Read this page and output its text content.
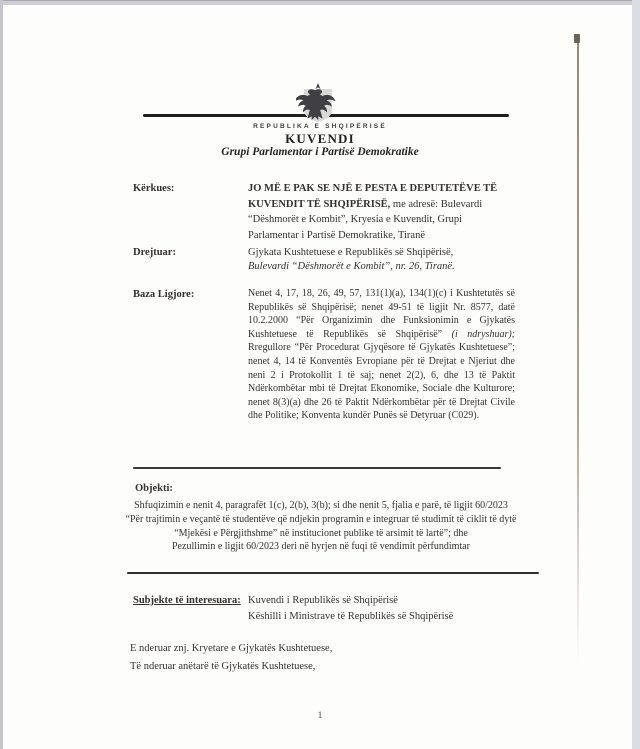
REPUBLIKA E SHQIPËRISË
KUVENDI
Grupi Parlamentar i Partisë Demokratike
Kërkues:	JO MË E PAK SE NJË E PESTA E DEPUTETËVE TË KUVENDIT TË SHQIPËRISË, me adresë: Bulevardi “Dëshmorët e Kombit”, Kryesia e Kuvendit, Grupi Parlamentar i Partisë Demokratike, Tiranë
Drejtuar:	Gjykata Kushtetuese e Republikës së Shqipërisë,
Bulevardi “Dëshmorët e Kombit”, nr. 26, Tiranë.
Baza Ligjore:	Nenet 4, 17, 18, 26, 49, 57, 131(1)(a), 134(1)(c) i Kushtetutës së Republikës së Shqipërisë; nenet 49-51 të ligjit Nr. 8577, datë 10.2.2000 “Për Organizimin dhe Funksionimin e Gjykatës Kushtetuese të Republikës së Shqipërisë” (i ndryshuar); Rregullore “Për Procedurat Gjyqësore të Gjykatës Kushtetuese”; nenet 4, 14 të Konventës Evropiane për të Drejtat e Njeriut dhe neni 2 i Protokollit 1 të saj; nenet 2(2), 6, dhe 13 të Paktit Ndërkombëtar mbi të Drejtat Ekonomike, Sociale dhe Kulturore; nenet 8(3)(a) dhe 26 të Paktit Ndërkombëtar për të Drejtat Civile dhe Politike; Konventa kundër Punës së Detyruar (C029).
Objekti:
Shfuqizimin e nenit 4, paragrafët 1(c), 2(b), 3(b); si dhe nenit 5, fjalia e parë, të ligjit 60/2023 “Për trajtimin e veçantë të studentëve që ndjekin programin e integruar të studimit të ciklit të dytë “Mjekësi e Përgjithshme” në institucionet publike të arsimit të lartë”; dhe
Pezullimin e ligjit 60/2023 deri në hyrjen në fuqi të vendimit përfundimtar
Subjekte të interesuara: Kuvendi i Republikës së Shqipërisë
Këshilli i Ministrave të Republikës së Shqipërisë
E nderuar znj. Kryetare e Gjykatës Kushtetuese,
Të nderuar anëtarë të Gjykatës Kushtetuese,
1
